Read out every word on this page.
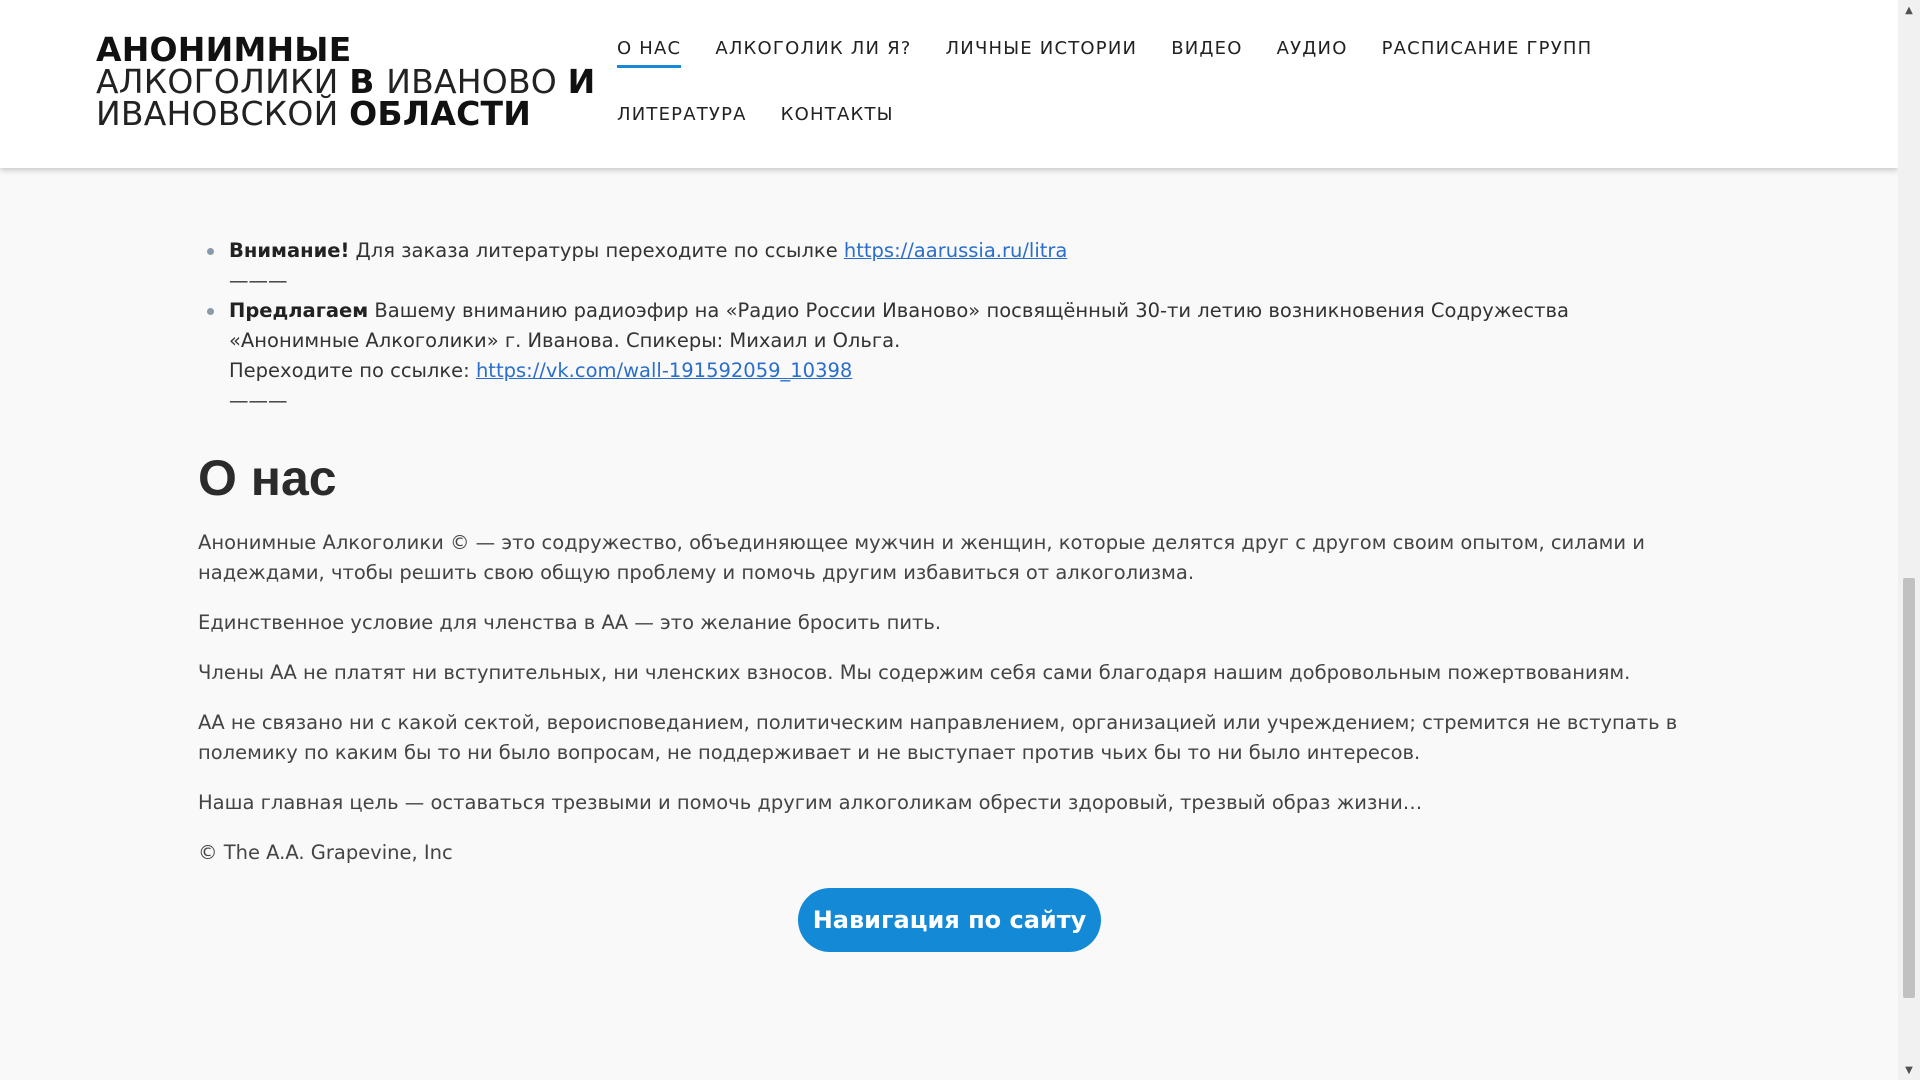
АНОНИМНЫЕ АЛКОГОЛИКИ В ИВАНОВО И ИВАНОВСКОЙ ОБЛАСТИ
О НАС АЛКОГОЛИК ЛИ Я? ЛИЧНЫЕ ИСТОРИИ ВИДЕО АУДИО РАСПИСАНИЕ ГРУПП
ЛИТЕРАТУРА КОНТАКТЫ
Внимание! Для заказа литературы переходите по ссылке https://aarussia.ru/litra
———
Предлагаем Вашему вниманию радиоэфир на «Радио России Иваново» посвящённый 30-ти летию возникновения Содружества «Анонимные Алкоголики» г. Иванова. Спикеры: Михаил и Ольга.
Переходите по ссылке: https://vk.com/wall-191592059_10398
———
О нас

Анонимные Алкоголики © — это содружество, объединяющее мужчин и женщин, которые делятся друг с другом своим опытом, силами и надеждами, чтобы решить свою общую проблему и помочь другим избавиться от алкоголизма.

Единственное условие для членства в АА — это желание бросить пить.

Члены АА не платят ни вступительных, ни членских взносов. Мы содержим себя сами благодаря нашим добровольным пожертвованиям.

АА не связано ни с какой сектой, вероисповеданием, политическим направлением, организацией или учреждением; стремится не вступать в полемику по каким бы то ни было вопросам, не поддерживает и не выступает против чьих бы то ни было интересов.

Наша главная цель — оставаться трезвыми и помочь другим алкоголикам обрести здоровый, трезвый образ жизни…

© The A.A. Grapevine, Inc

Навигация по сайту
▲
▼
